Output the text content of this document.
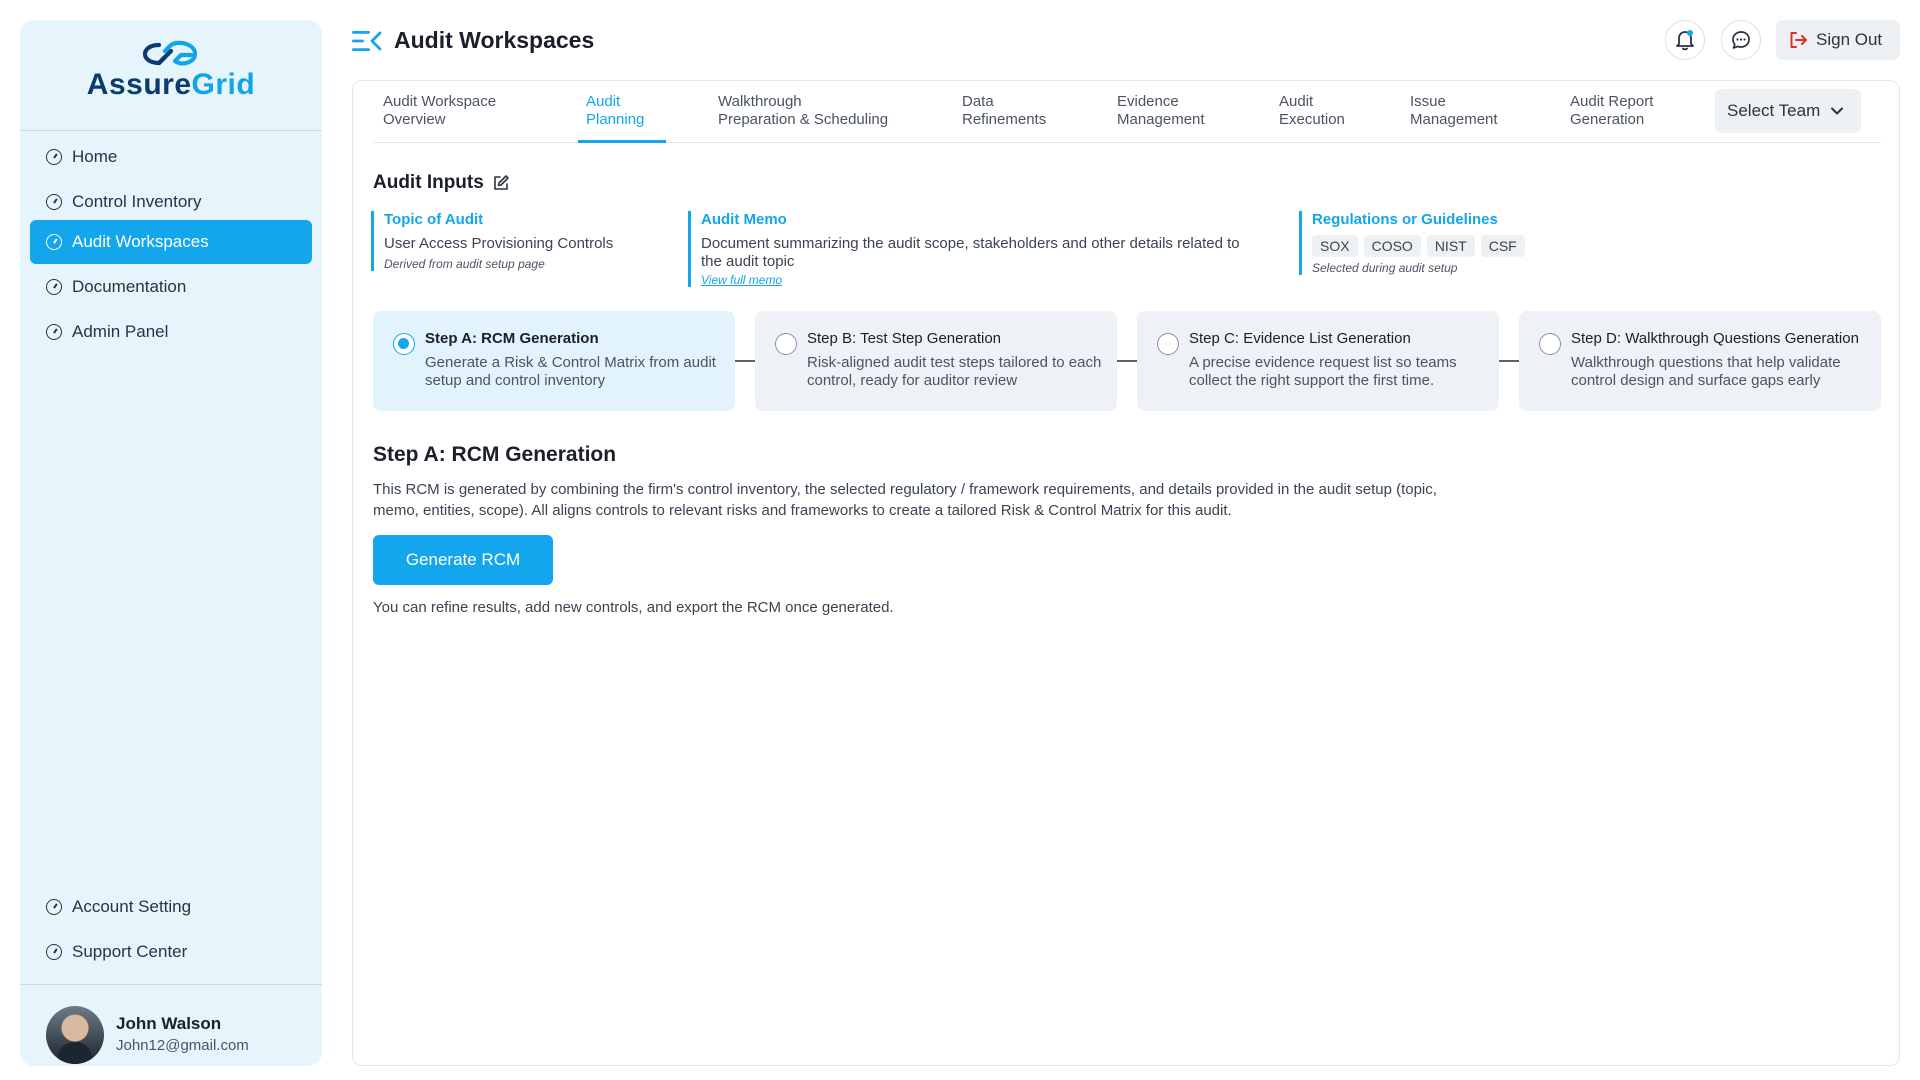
AssureGrid
Home
Control Inventory
Audit Workspaces
Documentation
Admin Panel
Account Setting
Support Center
John Walson
John12@gmail.com
Audit Workspaces	Sign Out
Audit Workspace
Overview
Audit
Planning
Walkthrough
Preparation & Scheduling
Data
Refinements
Evidence
Management
Audit
Execution
Issue
Management
Audit Report
Generation	Select Team
Audit Inputs
Topic of Audit
User Access Provisioning Controls
Derived from audit setup page
Audit Memo
Document summarizing the audit scope, stakeholders and other details related to the audit topic
View full memo
Regulations or Guidelines
SOX	COSO	NIST	CSF
Selected during audit setup
Step A: RCM Generation
Generate a Risk & Control Matrix from audit setup and control inventory
Step B: Test Step Generation
Risk-aligned audit test steps tailored to each control, ready for auditor review
Step C: Evidence List Generation
A precise evidence request list so teams collect the right support the first time.
Step D: Walkthrough Questions Generation
Walkthrough questions that help validate control design and surface gaps early
Step A: RCM Generation
This RCM is generated by combining the firm's control inventory, the selected regulatory / framework requirements, and details provided in the audit setup (topic, memo, entities, scope). All aligns controls to relevant risks and frameworks to create a tailored Risk & Control Matrix for this audit.
Generate RCM
You can refine results, add new controls, and export the RCM once generated.
